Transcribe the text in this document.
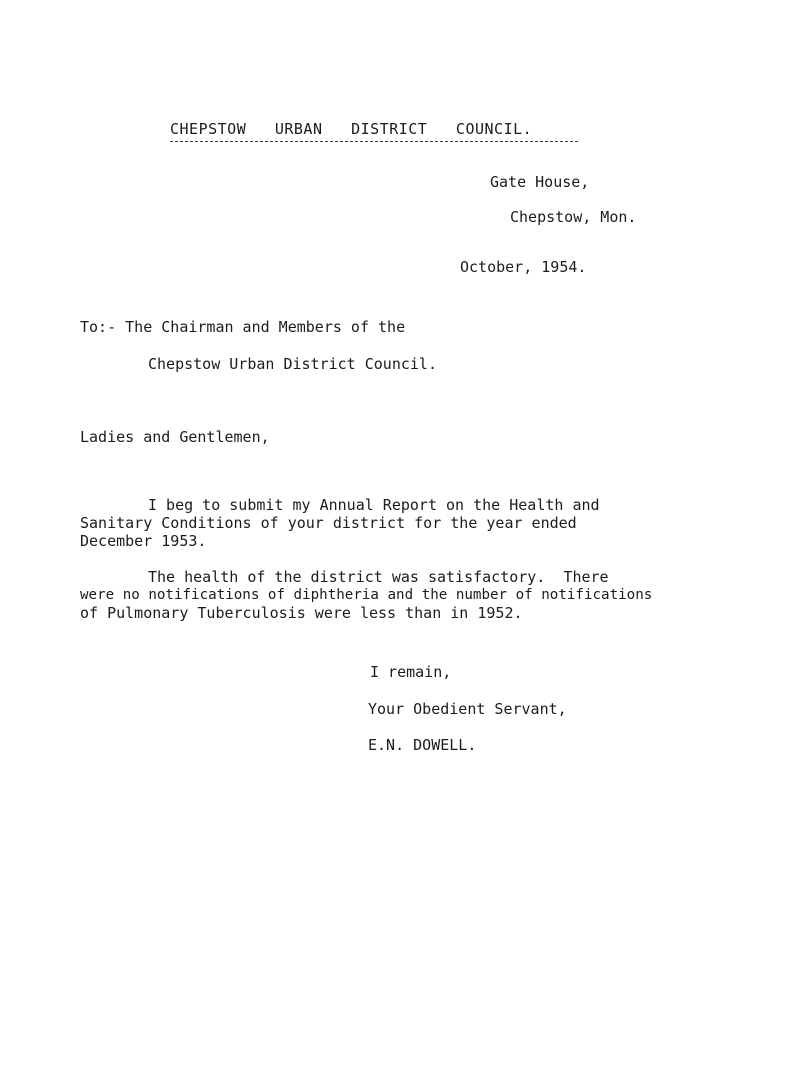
CHEPSTOW   URBAN   DISTRICT   COUNCIL.
Gate House,
Chepstow, Mon.
October, 1954.
To:- The Chairman and Members of the
Chepstow Urban District Council.
Ladies and Gentlemen,
I beg to submit my Annual Report on the Health and
Sanitary Conditions of your district for the year ended
December 1953.
The health of the district was satisfactory.  There
were no notifications of diphtheria and the number of notifications
of Pulmonary Tuberculosis were less than in 1952.
I remain,
Your Obedient Servant,
E.N. DOWELL.
